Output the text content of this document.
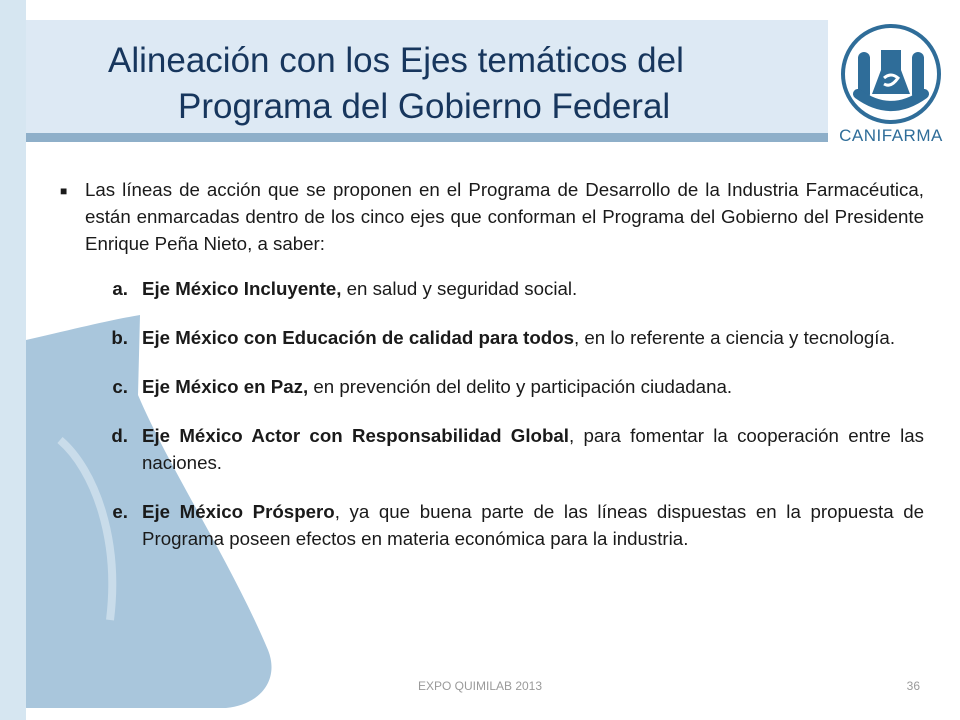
Alineación con los Ejes temáticos del
Programa del Gobierno Federal
CANIFARMA
■ Las líneas de acción que se proponen en el Programa de Desarrollo de la Industria Farmacéutica, están enmarcadas dentro de los cinco ejes que conforman el Programa del Gobierno del Presidente Enrique Peña Nieto, a saber:
a. Eje México Incluyente, en salud y seguridad social.
b. Eje México con Educación de calidad para todos, en lo referente a ciencia y tecnología.
c. Eje México en Paz, en prevención del delito y participación ciudadana.
d. Eje México Actor con Responsabilidad Global, para fomentar la cooperación entre las naciones.
e. Eje México Próspero, ya que buena parte de las líneas dispuestas en la propuesta de Programa poseen efectos en materia económica para la industria.
EXPO QUIMILAB 2013	36
